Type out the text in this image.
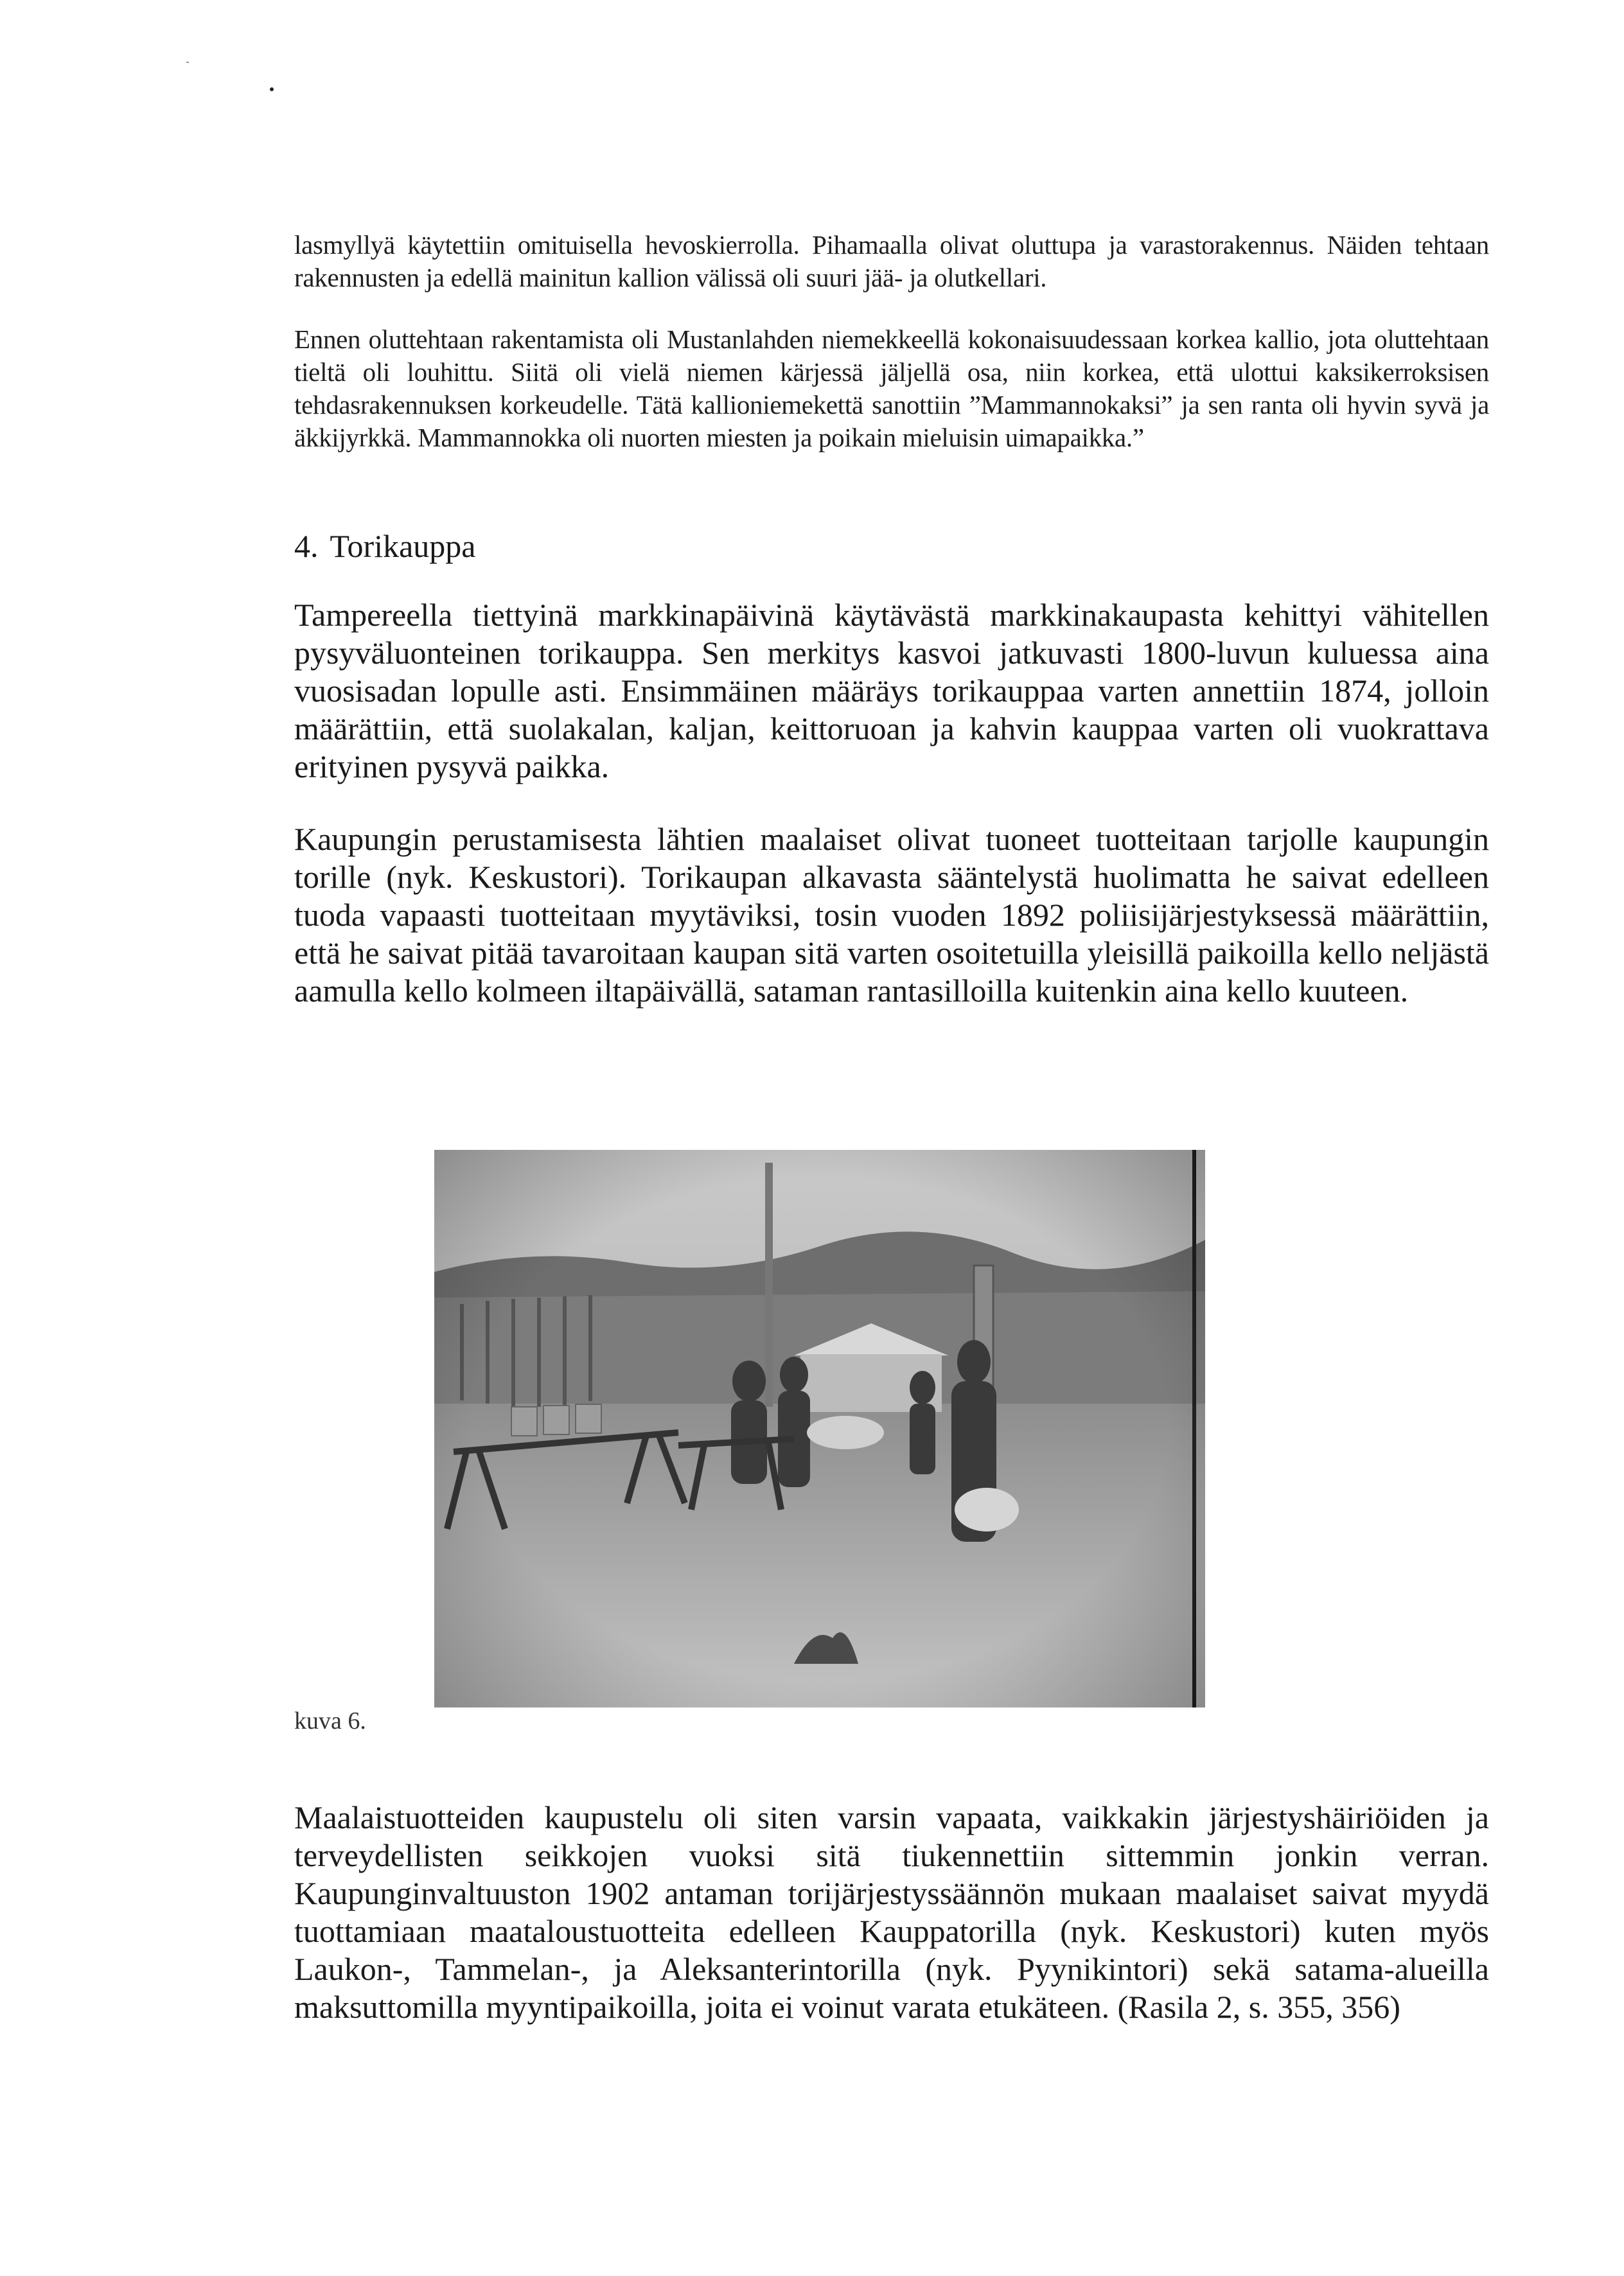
lasmyllyä käytettiin omituisella hevoskierrolla. Pihamaalla olivat oluttupa ja varastorakennus. Näiden tehtaan rakennusten ja edellä mainitun kallion välissä oli suuri jää- ja olutkellari.

Ennen oluttehtaan rakentamista oli Mustanlahden niemekkeellä kokonaisuudessaan korkea kallio, jota oluttehtaan tieltä oli louhittu. Siitä oli vielä niemen kärjessä jäljellä osa, niin korkea, että ulottui kaksikerroksisen tehdasrakennuksen korkeudelle. Tätä kallioniemekettä sanottiin ”Mammannokaksi” ja sen ranta oli hyvin syvä ja äkkijyrkkä. Mammannokka oli nuorten miesten ja poikain mieluisin uimapaikka.”

4. Torikauppa

Tampereella tiettyinä markkinapäivinä käytävästä markkinakaupasta kehittyi vähitellen pysyväluonteinen torikauppa. Sen merkitys kasvoi jatkuvasti 1800-luvun kuluessa aina vuosisadan lopulle asti. Ensimmäinen määräys torikauppaa varten annettiin 1874, jolloin määrättiin, että suolakalan, kaljan, keittoruoan ja kahvin kauppaa varten oli vuokrattava erityinen pysyvä paikka.

Kaupungin perustamisesta lähtien maalaiset olivat tuoneet tuotteitaan tarjolle kaupungin torille (nyk. Keskustori). Torikaupan alkavasta sääntelystä huolimatta he saivat edelleen tuoda vapaasti tuotteitaan myytäviksi, tosin vuoden 1892 poliisijärjestyksessä määrättiin, että he saivat pitää tavaroitaan kaupan sitä varten osoitetuilla yleisillä paikoilla kello neljästä aamulla kello kolmeen iltapäivällä, sataman rantasilloilla kuitenkin aina kello kuuteen.

kuva 6.

Maalaistuotteiden kaupustelu oli siten varsin vapaata, vaikkakin järjestyshäiriöiden ja terveydellisten seikkojen vuoksi sitä tiukennettiin sittemmin jonkin verran. Kaupunginvaltuuston 1902 antaman torijärjestyssäännön mukaan maalaiset saivat myydä tuottamiaan maataloustuotteita edelleen Kauppatorilla (nyk. Keskustori) kuten myös Laukon-, Tammelan-, ja Aleksanterintorilla (nyk. Pyynikintori) sekä satama-alueilla maksuttomilla myyntipaikoilla, joita ei voinut varata etukäteen. (Rasila 2, s. 355, 356)
